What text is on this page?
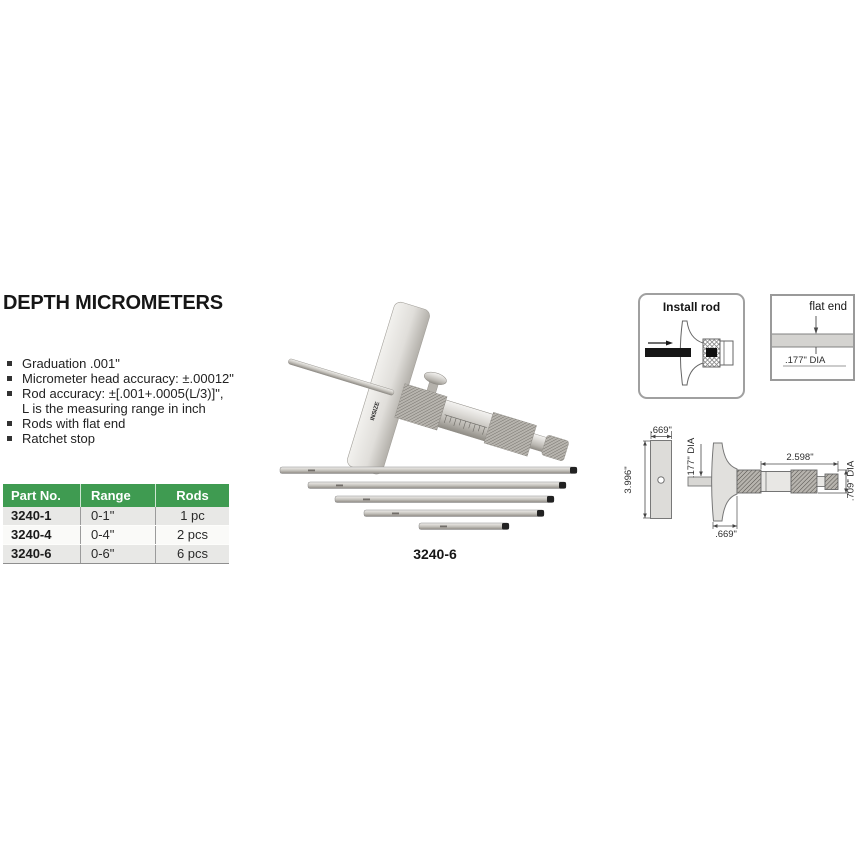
DEPTH MICROMETERS
Graduation .001"
Micrometer head accuracy: ±.00012"
Rod accuracy: ±[.001+.0005(L/3)]",
L is the measuring range in inch
Rods with flat end
Ratchet stop
Part No.	Range	Rods
3240-1	0-1"	1 pc
3240-4	0-4"	2 pcs
3240-6	0-6"	6 pcs
INSIZE
3240-6
Install rod	flat end
.177" DIA
.669"
3.996"
.177" DIA	2.598"
.709" DIA
.669"
